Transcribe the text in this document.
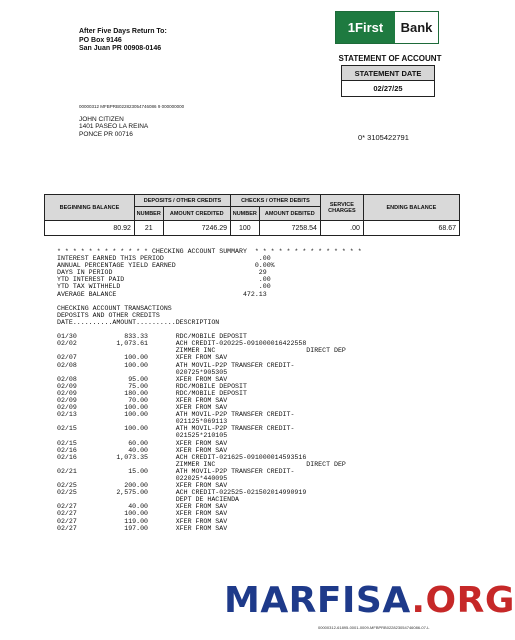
After Five Days Return To:
PO Box 9146
San Juan PR 00908-0146
1First	Bank
STATEMENT OF ACCOUNT
STATEMENT DATE
02/27/25
00000312 MFBPRB022823054746086 9 000000000
JOHN CITIZEN
1401 PASEO LA REINA
PONCE PR 00716	0* 3105422791
BEGINNING BALANCE	DEPOSITS / OTHER CREDITS		CHECKS / OTHER DEBITS		SERVICE CHARGES	ENDING BALANCE
	NUMBER	AMOUNT CREDITED	NUMBER	AMOUNT DEBITED		
80.92	21	7246.29	100	7258.54	.00	68.67
* * * * * * * * * * * * CHECKING ACCOUNT SUMMARY  * * * * * * * * * * * * * *
INTEREST EARNED THIS PERIOD                        .00
ANNUAL PERCENTAGE YIELD EARNED                    0.00%
DAYS IN PERIOD                                     29
YTD INTEREST PAID                                  .00
YTD TAX WITHHELD                                   .00
AVERAGE BALANCE                                472.13
CHECKING ACCOUNT TRANSACTIONS
DEPOSITS AND OTHER CREDITS
DATE..........AMOUNT..........DESCRIPTION
01/30            833.33       RDC/MOBILE DEPOSIT
02/02          1,073.61       ACH CREDIT-020225-091000016422558
ZIMMER INC                       DIRECT DEP
02/07            100.00       XFER FROM SAV
02/08            100.00       ATH MOVIL-P2P TRANSFER CREDIT-
020725*905305
02/08             95.00       XFER FROM SAV
02/09             75.00       RDC/MOBILE DEPOSIT
02/09            180.00       RDC/MOBILE DEPOSIT
02/09             70.00       XFER FROM SAV
02/09            100.00       XFER FROM SAV
02/13            100.00       ATH MOVIL-P2P TRANSFER CREDIT-
021125*069113
02/15            100.00       ATH MOVIL-P2P TRANSFER CREDIT-
021525*210105
02/15             60.00       XFER FROM SAV
02/16             40.00       XFER FROM SAV
02/16          1,073.35       ACH CREDIT-021625-091000014593516
ZIMMER INC                       DIRECT DEP
02/21             15.00       ATH MOVIL-P2P TRANSFER CREDIT-
022025*440095
02/25            200.00       XFER FROM SAV
02/25          2,575.00       ACH CREDIT-022525-021502014990919
DEPT DE HACIENDA
02/27             40.00       XFER FROM SAV
02/27            100.00       XFER FROM SAV
02/27            119.00       XFER FROM SAV
02/27            197.00       XFER FROM SAV
MARFISA.ORG
00000312-61895-0001-0009-MFBPRB022823054746086-07-L
